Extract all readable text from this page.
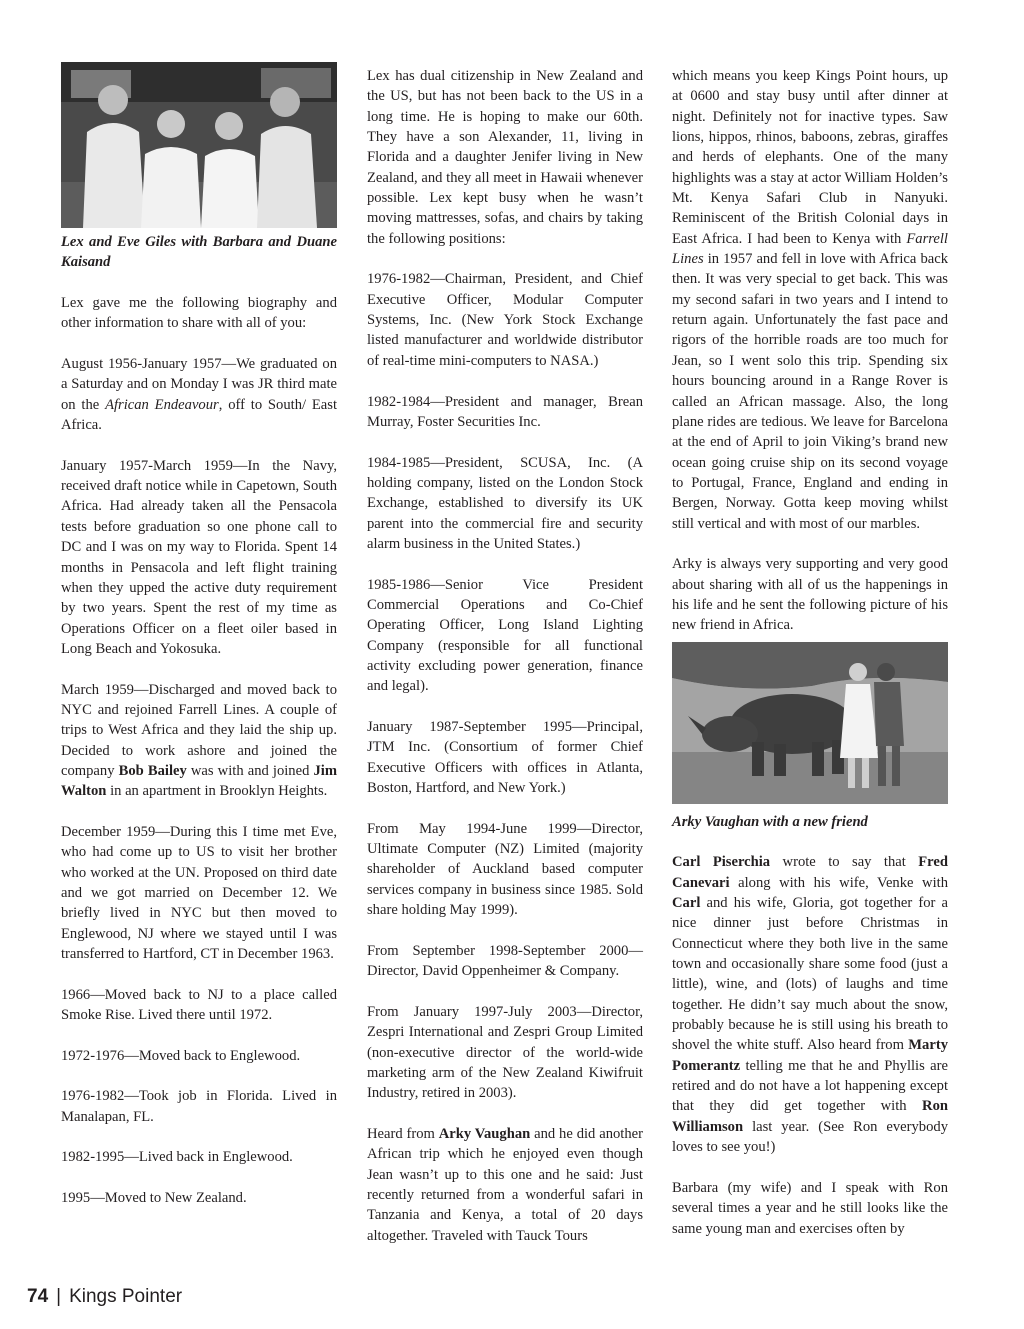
Lex and Eve Giles with Barbara and Duane Kaisand

Lex gave me the following biography and other information to share with all of you:

August 1956-January 1957—We graduated on a Saturday and on Monday I was JR third mate on the African Endeavour, off to South/ East Africa.

January 1957-March 1959—In the Navy, received draft notice while in Capetown, South Africa. Had already taken all the Pensacola tests before graduation so one phone call to DC and I was on my way to Florida. Spent 14 months in Pensacola and left flight training when they upped the active duty requirement by two years. Spent the rest of my time as Operations Officer on a fleet oiler based in Long Beach and Yokosuka.

March 1959—Discharged and moved back to NYC and rejoined Farrell Lines. A couple of trips to West Africa and they laid the ship up. Decided to work ashore and joined the company Bob Bailey was with and joined Jim Walton in an apartment in Brooklyn Heights.

December 1959—During this I time met Eve, who had come up to US to visit her brother who worked at the UN. Proposed on third date and we got married on December 12. We briefly lived in NYC but then moved to Englewood, NJ where we stayed until I was transferred to Hartford, CT in December 1963.

1966—Moved back to NJ to a place called Smoke Rise. Lived there until 1972.

1972-1976—Moved back to Englewood.

1976-1982—Took job in Florida. Lived in Manalapan, FL.

1982-1995—Lived back in Englewood.

1995—Moved to New Zealand.

Lex has dual citizenship in New Zealand and the US, but has not been back to the US in a long time. He is hoping to make our 60th. They have a son Alexander, 11, living in Florida and a daughter Jenifer living in New Zealand, and they all meet in Hawaii whenever possible. Lex kept busy when he wasn’t moving mattresses, sofas, and chairs by taking the following positions:

1976-1982—Chairman, President, and Chief Executive Officer, Modular Computer Systems, Inc. (New York Stock Exchange listed manufacturer and worldwide distributor of real-time mini-computers to NASA.)

1982-1984—President and manager, Brean Murray, Foster Securities Inc.

1984-1985—President, SCUSA, Inc. (A holding company, listed on the London Stock Exchange, established to diversify its UK parent into the commercial fire and security alarm business in the United States.)

1985-1986—Senior Vice President Commercial Operations and Co-Chief Operating Officer, Long Island Lighting Company (responsible for all functional activity excluding power generation, finance and legal).

January 1987-September 1995—Principal, JTM Inc. (Consortium of former Chief Executive Officers with offices in Atlanta, Boston, Hartford, and New York.)

From May 1994-June 1999—Director, Ultimate Computer (NZ) Limited (majority shareholder of Auckland based computer services company in business since 1985. Sold share holding May 1999).

From September 1998-September 2000—Director, David Oppenheimer & Company.

From January 1997-July 2003—Director, Zespri International and Zespri Group Limited (non-executive director of the world-wide marketing arm of the New Zealand Kiwifruit Industry, retired in 2003).

Heard from Arky Vaughan and he did another African trip which he enjoyed even though Jean wasn’t up to this one and he said: Just recently returned from a wonderful safari in Tanzania and Kenya, a total of 20 days altogether. Traveled with Tauck Tours

which means you keep Kings Point hours, up at 0600 and stay busy until after dinner at night. Definitely not for inactive types. Saw lions, hippos, rhinos, baboons, zebras, giraffes and herds of elephants. One of the many highlights was a stay at actor William Holden’s Mt. Kenya Safari Club in Nanyuki. Reminiscent of the British Colonial days in East Africa. I had been to Kenya with Farrell Lines in 1957 and fell in love with Africa back then. It was very special to get back. This was my second safari in two years and I intend to return again. Unfortunately the fast pace and rigors of the horrible roads are too much for Jean, so I went solo this trip. Spending six hours bouncing around in a Range Rover is called an African massage. Also, the long plane rides are tedious. We leave for Barcelona at the end of April to join Viking’s brand new ocean going cruise ship on its second voyage to Portugal, France, England and ending in Bergen, Norway. Gotta keep moving whilst still vertical and with most of our marbles.

Arky is always very supporting and very good about sharing with all of us the happenings in his life and he sent the following picture of his new friend in Africa.

Arky Vaughan with a new friend

Carl Piserchia wrote to say that Fred Canevari along with his wife, Venke with Carl and his wife, Gloria, got together for a nice dinner just before Christmas in Connecticut where they both live in the same town and occasionally share some food (just a little), wine, and (lots) of laughs and time together. He didn’t say much about the snow, probably because he is still using his breath to shovel the white stuff. Also heard from Marty Pomerantz telling me that he and Phyllis are retired and do not have a lot happening except that they did get together with Ron Williamson last year. (See Ron everybody loves to see you!)

Barbara (my wife) and I speak with Ron several times a year and he still looks like the same young man and exercises often by

74 | Kings Pointer
